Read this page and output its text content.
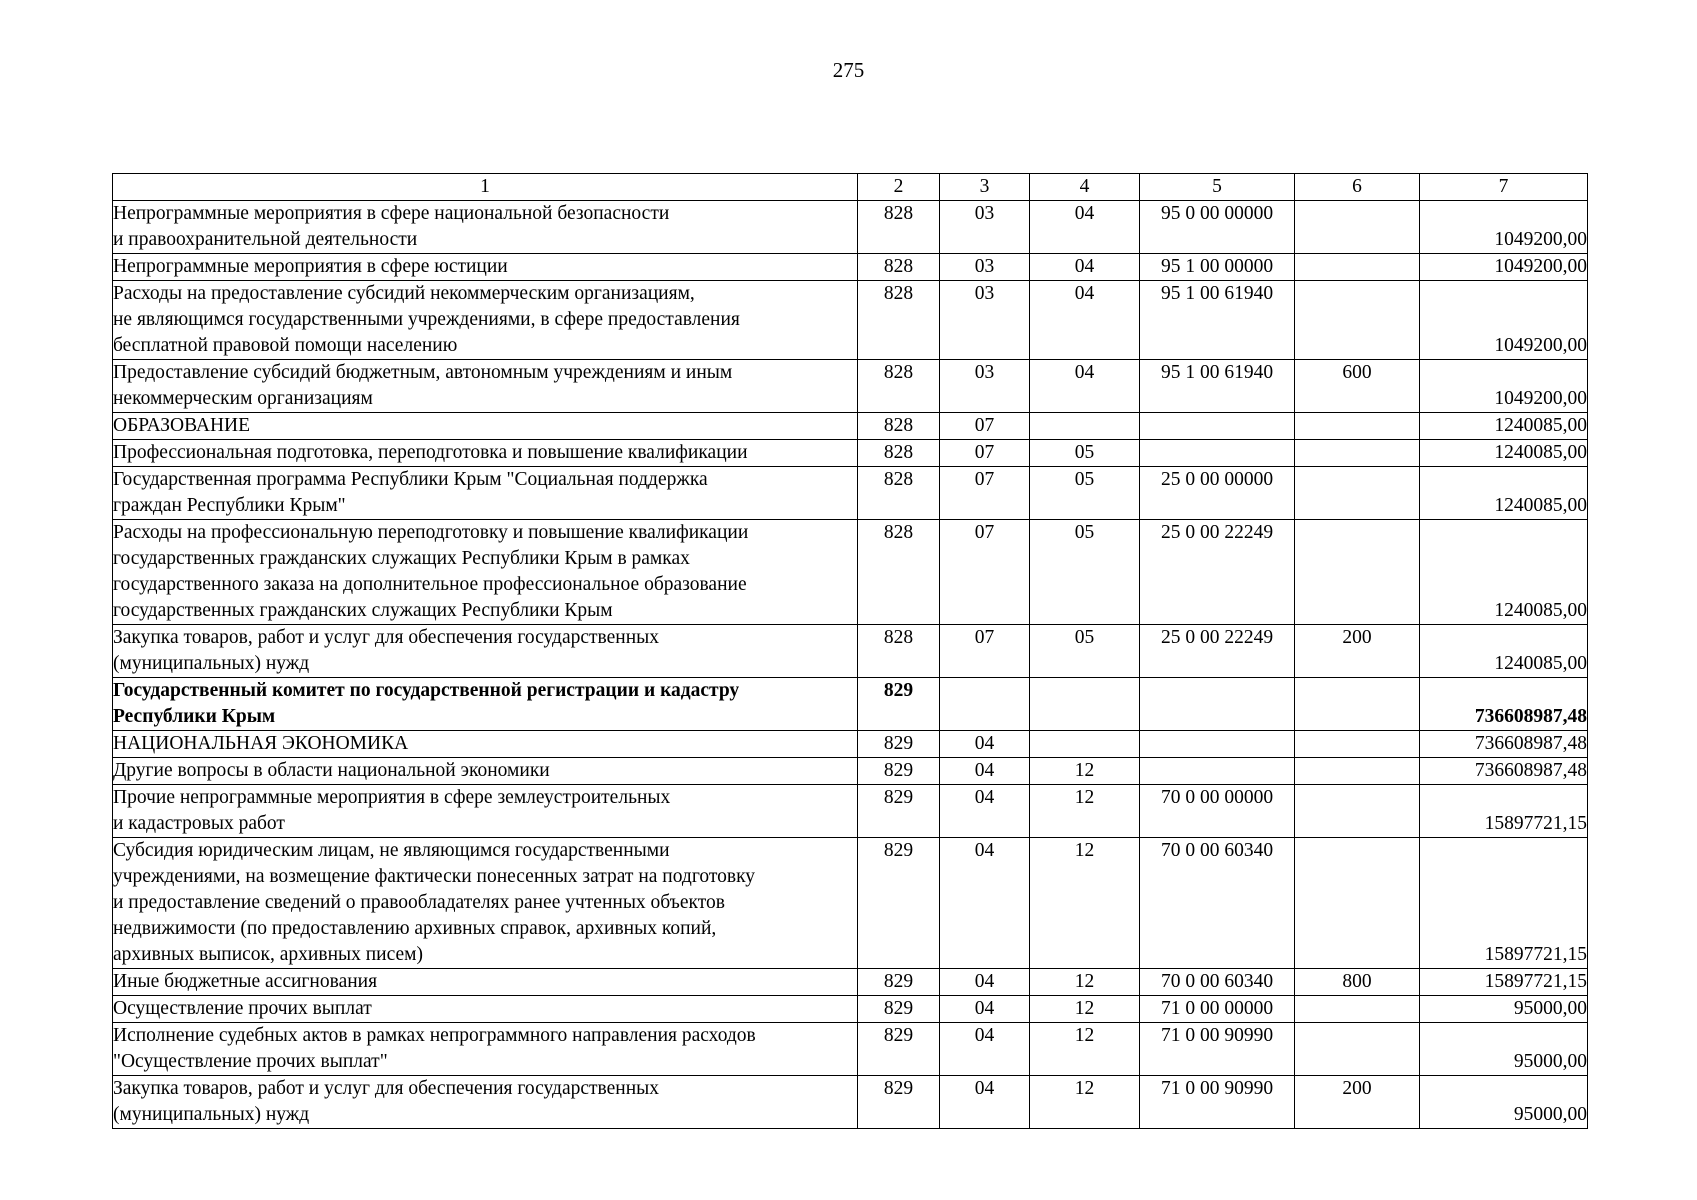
275
1	2	3	4	5	6	7
Непрограммные мероприятия в сфере национальной безопасности
и правоохранительной деятельности	828	03	04	95 0 00 00000		1049200,00
Непрограммные мероприятия в сфере юстиции	828	03	04	95 1 00 00000		1049200,00
Расходы на предоставление субсидий некоммерческим организациям,
не являющимся государственными учреждениями, в сфере предоставления
бесплатной правовой помощи населению	828	03	04	95 1 00 61940		1049200,00
Предоставление субсидий бюджетным, автономным учреждениям и иным
некоммерческим организациям	828	03	04	95 1 00 61940	600	1049200,00
ОБРАЗОВАНИЕ	828	07				1240085,00
Профессиональная подготовка, переподготовка и повышение квалификации	828	07	05			1240085,00
Государственная программа Республики Крым "Социальная поддержка
граждан Республики Крым"	828	07	05	25 0 00 00000		1240085,00
Расходы на профессиональную переподготовку и повышение квалификации
государственных гражданских служащих Республики Крым в рамках
государственного заказа на дополнительное профессиональное образование
государственных гражданских служащих Республики Крым	828	07	05	25 0 00 22249		1240085,00
Закупка товаров, работ и услуг для обеспечения государственных
(муниципальных) нужд	828	07	05	25 0 00 22249	200	1240085,00
Государственный комитет по государственной регистрации и кадастру
Республики Крым	829					736608987,48
НАЦИОНАЛЬНАЯ ЭКОНОМИКА	829	04				736608987,48
Другие вопросы в области национальной экономики	829	04	12			736608987,48
Прочие непрограммные мероприятия в сфере землеустроительных
и кадастровых работ	829	04	12	70 0 00 00000		15897721,15
Субсидия юридическим лицам, не являющимся государственными
учреждениями, на возмещение фактически понесенных затрат на подготовку
и предоставление сведений о правообладателях ранее учтенных объектов
недвижимости (по предоставлению архивных справок, архивных копий,
архивных выписок, архивных писем)	829	04	12	70 0 00 60340		15897721,15
Иные бюджетные ассигнования	829	04	12	70 0 00 60340	800	15897721,15
Осуществление прочих выплат	829	04	12	71 0 00 00000		95000,00
Исполнение судебных актов в рамках непрограммного направления расходов
"Осуществление прочих выплат"	829	04	12	71 0 00 90990		95000,00
Закупка товаров, работ и услуг для обеспечения государственных
(муниципальных) нужд	829	04	12	71 0 00 90990	200	95000,00
